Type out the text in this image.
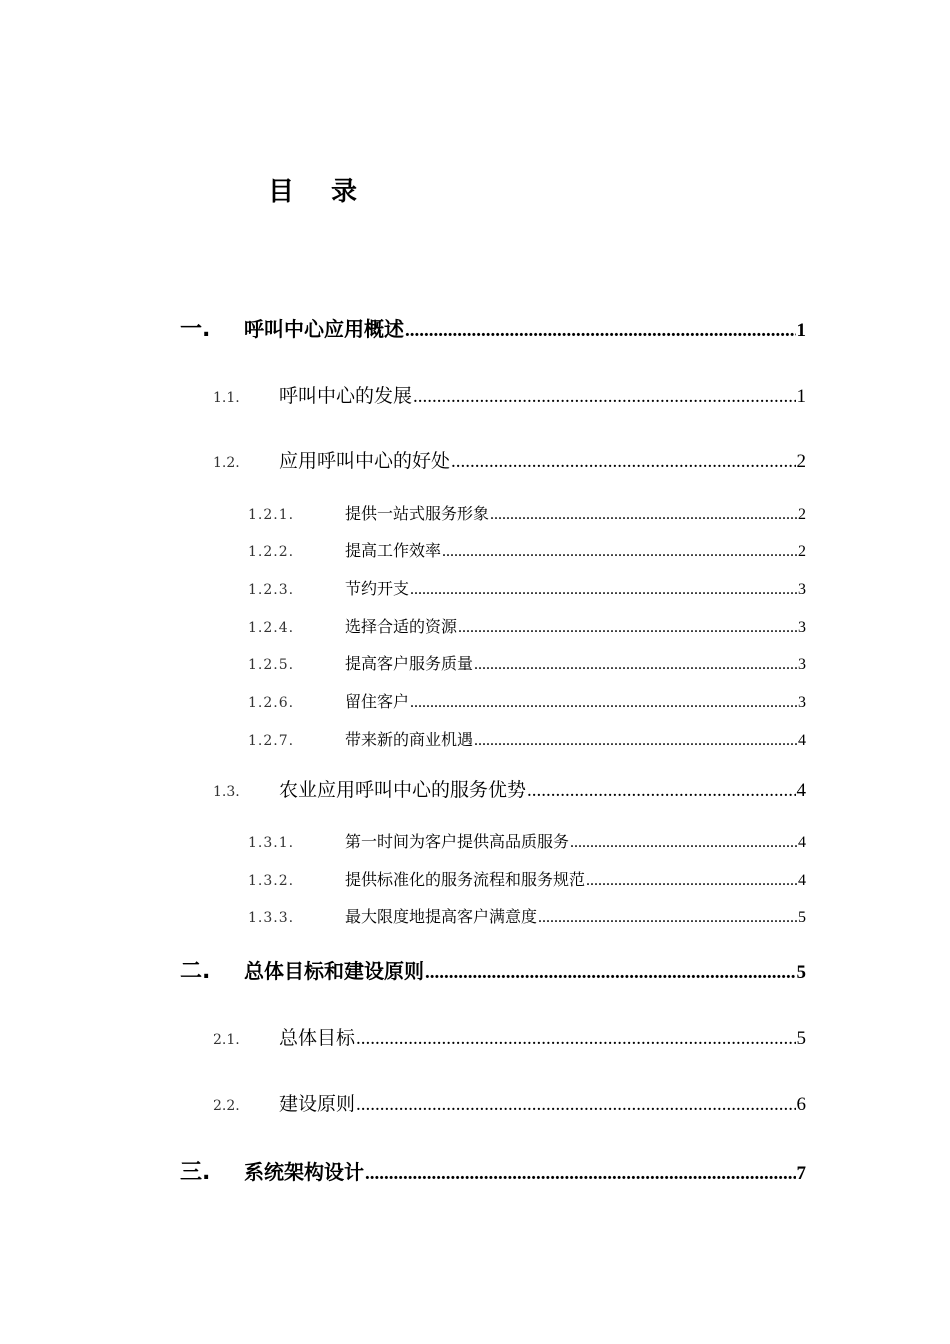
目 录
一.	呼叫中心应用概述 .....	1
1.1.	呼叫中心的发展 .....	1
1.2.	应用呼叫中心的好处 .....	2
1.2.1.	提供一站式服务形象 .....	2
1.2.2.	提高工作效率 .....	2
1.2.3.	节约开支 .....	3
1.2.4.	选择合适的资源 .....	3
1.2.5.	提高客户服务质量 .....	3
1.2.6.	留住客户 .....	3
1.2.7.	带来新的商业机遇 .....	4
1.3.	农业应用呼叫中心的服务优势 .....	4
1.3.1.	第一时间为客户提供高品质服务 .....	4
1.3.2.	提供标准化的服务流程和服务规范 .....	4
1.3.3.	最大限度地提高客户满意度 .....	5
二.	总体目标和建设原则 .....	5
2.1.	总体目标 .....	5
2.2.	建设原则 .....	6
三.	系统架构设计 .....	7
